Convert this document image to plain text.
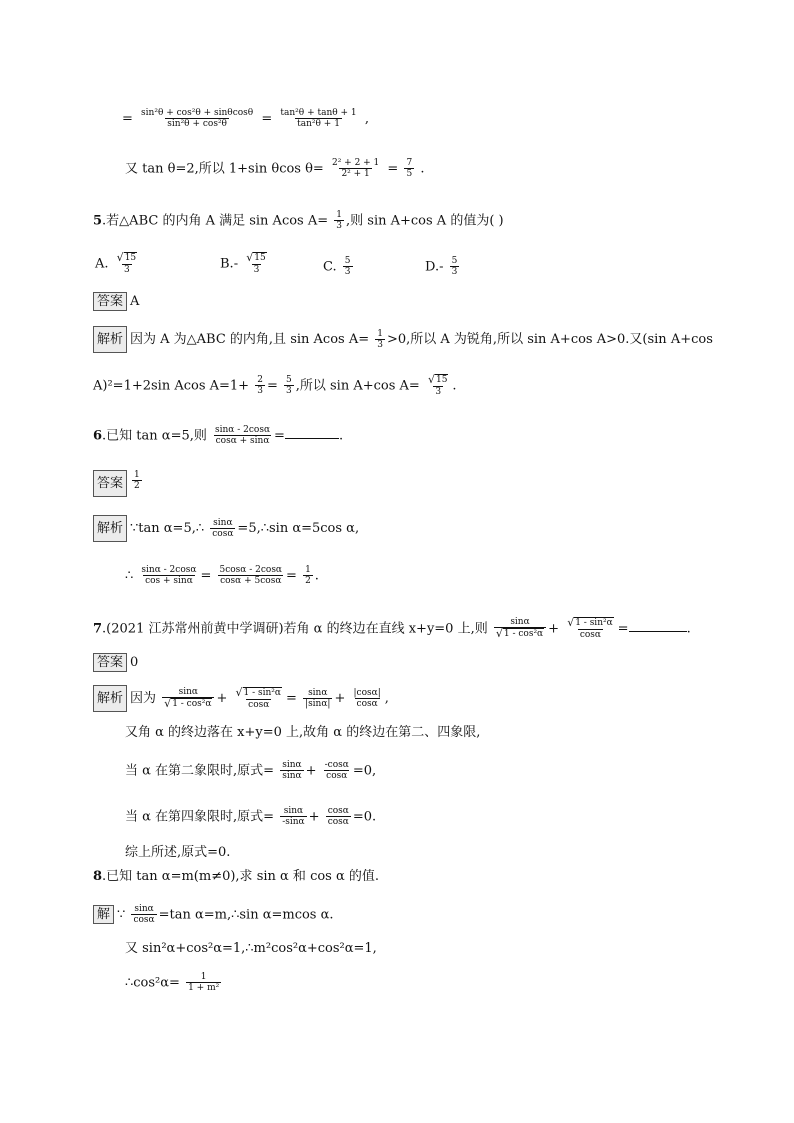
= $\frac{\text{sin²θ + cos²θ + sinθcosθ}}{\text{sin²θ + cos²θ}} = \frac{\text{tan²θ + tanθ + 1}}{\text{tan²θ + 1}}$ ,
又 tan θ=2,所以 1+sin θcos $\theta= \frac{\text{2² + 2 + 1}}{\text{2² + 1}} = \frac{7}{5}$ .
5.若△ABC 的内角 A 满足 sin Acos $A= \frac{1}{3}$ ,则 sin A+cos A 的值为( )
A. $\frac{√ 15}{3}$	$B.- \frac{√ 15}{3}$	C. $\frac{5}{3}$	$D.- \frac{5}{3}$
答案 A
解析 因为 A 为△ABC 的内角,且 sin Acos $A= \frac{1}{3} >0$,所以 A 为锐角,所以 sin A+cos A>0.又(sin A+cos
A)²=1+2sin Acos $A=1+ \frac{2}{3} = \frac{5}{3}$ ,所以 sin A+cos $A= \frac{√ 15}{3}$ .
6.已知 tan α=5,则 $\frac{\sin\alpha - 2\cos\alpha}{\cos\alpha + \sin\alpha}$ =	.
答案 $\frac{1}{2}$
解析 ∵tan α=5,∴ $\frac{\sin\alpha}{\cos\alpha}$ =5,∴sin α=5cos α,
∴ $\frac{\sin\alpha - 2\cos\alpha}{\cos + \sin\alpha} = \frac{5\cos\alpha - 2\cos\alpha}{\cos\alpha + 5\cos\alpha} = \frac{1}{2}$ .
7.(2021 江苏常州前黄中学调研)若角 α 的终边在直线 x+y=0 上,则 $\frac{\sin\alpha}{\text{√ 1 - cos²α}} + \frac{\text{√ 1 - sin²α}}{\cos\alpha}$ =	.
答案 0
解析 因为 $\frac{\sin\alpha}{\text{√ 1 - cos²α}} + \frac{\text{√ 1 - sin²α}}{\cos\alpha} = \frac{\sin\alpha}{|\sin\alpha|} + \frac{|\cos\alpha|}{\cos\alpha}$ ,
又角 α 的终边落在 x+y=0 上,故角 α 的终边在第二、四象限,
当 α 在第二象限时,原式= $\frac{\sin\alpha}{\sin\alpha} + \frac{-\cos\alpha}{\cos\alpha} =0$,
当 α 在第四象限时,原式= $\frac{\sin\alpha}{-\sin\alpha} + \frac{\cos\alpha}{\cos\alpha} =0$.
综上所述,原式=0.
8.已知 tan α=m(m≠0),求 sin α 和 cos α 的值.
解 ∵ $\frac{\sin\alpha}{\cos\alpha} =\tan$ α=m,∴sin α=mcos α.
又 sin²α+cos²α=1,∴m²cos²α+cos²α=1,
∴cos²α= $\frac{1}{\text{1 + m²}}$
